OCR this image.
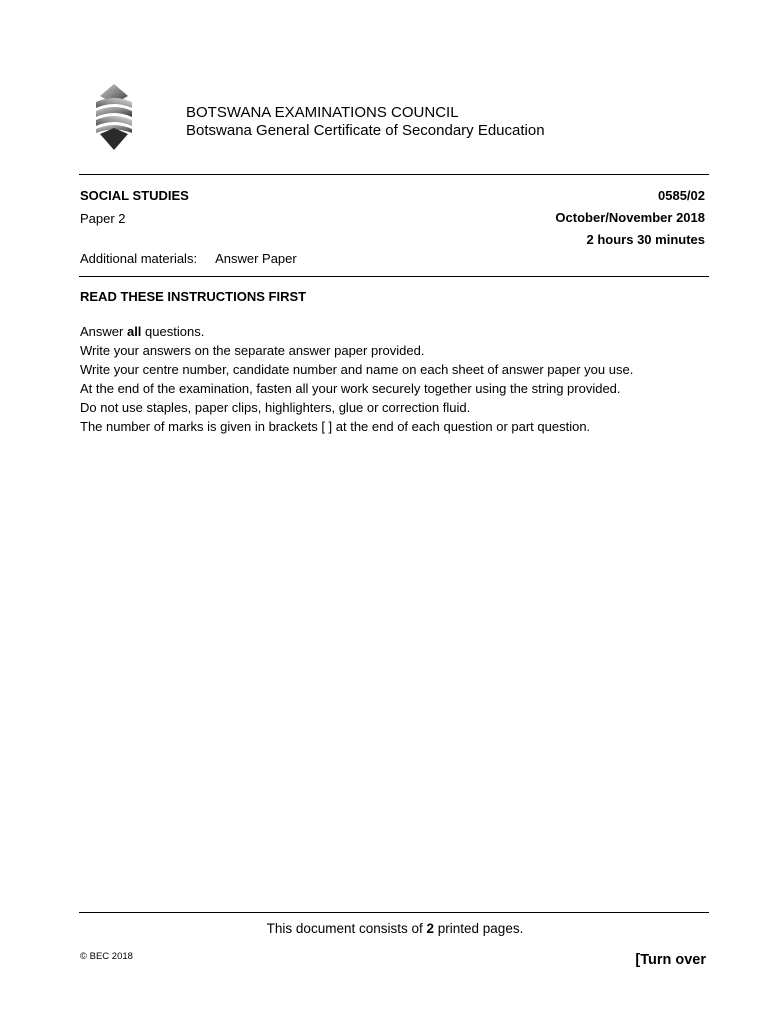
BOTSWANA EXAMINATIONS COUNCIL
Botswana General Certificate of Secondary Education
SOCIAL STUDIES
Paper 2
Additional materials: Answer Paper
0585/02
October/November 2018
2 hours 30 minutes
READ THESE INSTRUCTIONS FIRST
Answer all questions.
Write your answers on the separate answer paper provided.
Write your centre number, candidate number and name on each sheet of answer paper you use.
At the end of the examination, fasten all your work securely together using the string provided.
Do not use staples, paper clips, highlighters, glue or correction fluid.
The number of marks is given in brackets [ ] at the end of each question or part question.
This document consists of 2 printed pages.
© BEC 2018	[Turn over
